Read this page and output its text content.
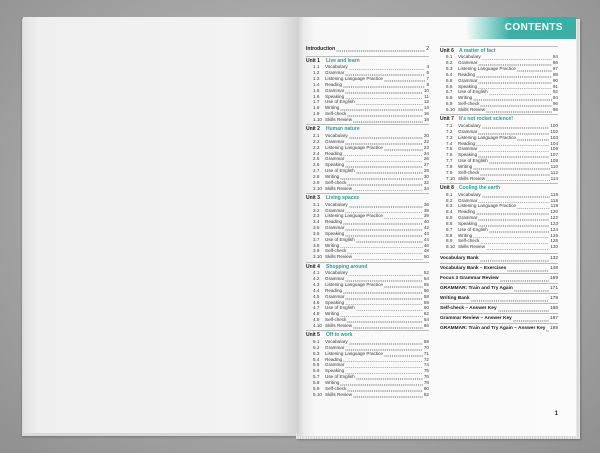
CONTENTS
Introduction	2
Unit 1	Live and learn
1.1	Vocabulary	4
1.2	Grammar	6
1.3	Listening Language Practice	7
1.4	Reading	8
1.5	Grammar	10
1.6	Speaking	11
1.7	Use of English	12
1.8	Writing	14
1.9	Self-check	16
1.10 Skills Review	18
Unit 2	Human nature
2.1	Vocabulary	20
2.2	Grammar	22
2.3	Listening Language Practice	23
2.4	Reading	24
2.5	Grammar	26
2.6	Speaking	27
2.7	Use of English	28
2.8	Writing	30
2.9	Self-check	32
2.10 Skills Review	34
Unit 3	Living spaces
3.1	Vocabulary	36
3.2	Grammar	38
3.3	Listening Language Practice	39
3.4	Reading	40
3.5	Grammar	42
3.6	Speaking	43
3.7	Use of English	44
3.8	Writing	46
3.9	Self-check	48
3.10 Skills Review	50
Unit 4	Shopping around
4.1	Vocabulary	52
4.2	Grammar	54
4.3	Listening Language Practice	55
4.4	Reading	56
4.5	Grammar	58
4.6	Speaking	59
4.7	Use of English	60
4.8	Writing	62
4.9	Self-check	64
4.10 Skills Review	66
Unit 5	Off to work
5.1	Vocabulary	68
5.2	Grammar	70
5.3	Listening Language Practice	71
5.4	Reading	72
5.5	Grammar	74
5.6	Speaking	75
5.7	Use of English	76
5.8	Writing	78
5.9	Self-check	80
5.10 Skills Review	82
Unit 6	A matter of fact
6.1	Vocabulary	84
6.2	Grammar	86
6.3	Listening Language Practice	87
6.4	Reading	88
6.5	Grammar	90
6.6	Speaking	91
6.7	Use of English	92
6.8	Writing	94
6.9	Self-check	96
6.10 Skills Review	98
Unit 7	It's not rocket science!
7.1	Vocabulary	100
7.2	Grammar	102
7.3	Listening Language Practice	103
7.4	Reading	104
7.5	Grammar	106
7.6	Speaking	107
7.7	Use of English	108
7.8	Writing	110
7.9	Self-check	112
7.10 Skills Review	114
Unit 8	Cooling the earth
8.1	Vocabulary	116
8.2	Grammar	118
8.3	Listening Language Practice	119
8.4	Reading	120
8.5	Grammar	122
8.6	Speaking	123
8.7	Use of English	124
8.8	Writing	126
8.9	Self-check	128
8.10 Skills Review	130
Vocabulary Bank	132
Vocabulary Bank – Exercises	148
Focus 3 Grammar Review	159
GRAMMAR: Train and Try Again	171
Writing Bank	179
Self-check – Answer Key	185
Grammar Review – Answer Key	187
GRAMMAR: Train and Try Again – Answer Key 189
1
